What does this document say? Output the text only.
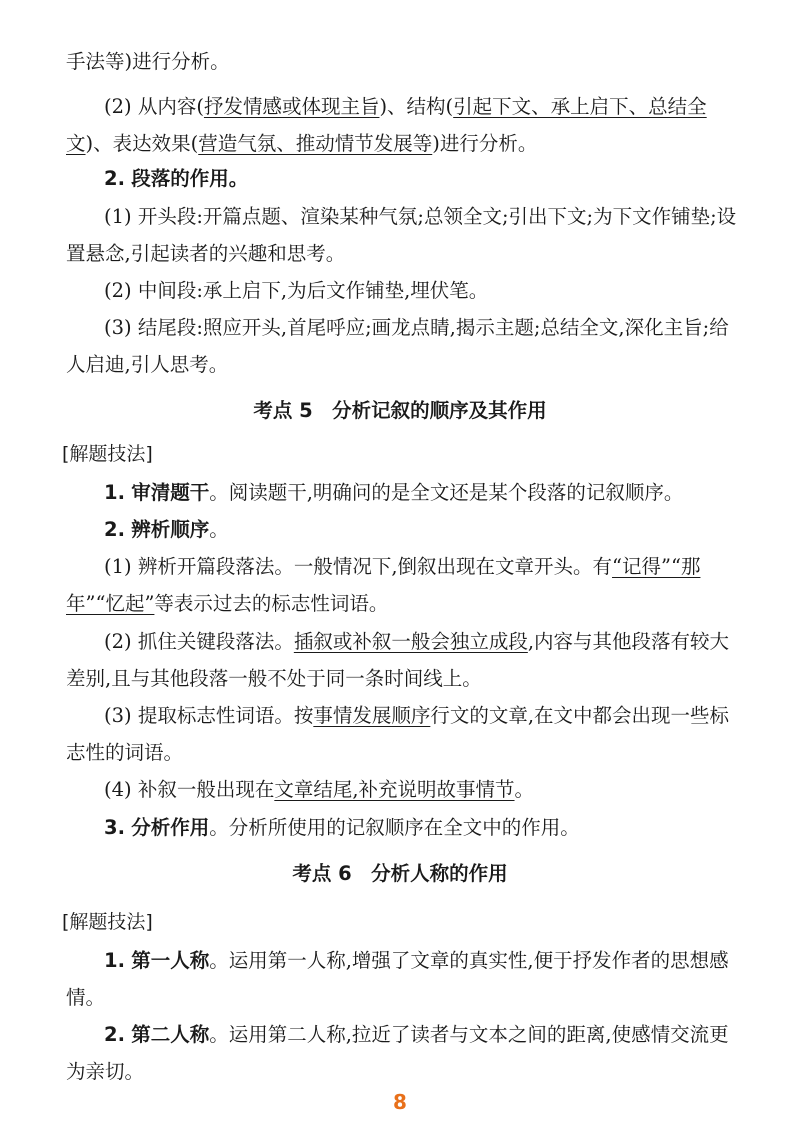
手法等)进行分析。

(2) 从内容(抒发情感或体现主旨)、结构(引起下文、承上启下、总结全文)、表达效果(营造气氛、推动情节发展等)进行分析。

2. 段落的作用。

(1) 开头段:开篇点题、渲染某种气氛;总领全文;引出下文;为下文作铺垫;设置悬念,引起读者的兴趣和思考。

(2) 中间段:承上启下,为后文作铺垫,埋伏笔。

(3) 结尾段:照应开头,首尾呼应;画龙点睛,揭示主题;总结全文,深化主旨;给人启迪,引人思考。

考点 5　分析记叙的顺序及其作用
[解题技法]

1. 审清题干。阅读题干,明确问的是全文还是某个段落的记叙顺序。

2. 辨析顺序。

(1) 辨析开篇段落法。一般情况下,倒叙出现在文章开头。有“记得”“那年”“忆起”等表示过去的标志性词语。

(2) 抓住关键段落法。插叙或补叙一般会独立成段,内容与其他段落有较大差别,且与其他段落一般不处于同一条时间线上。

(3) 提取标志性词语。按事情发展顺序行文的文章,在文中都会出现一些标志性的词语。

(4) 补叙一般出现在文章结尾,补充说明故事情节。

3. 分析作用。分析所使用的记叙顺序在全文中的作用。

考点 6　分析人称的作用
[解题技法]

1. 第一人称。运用第一人称,增强了文章的真实性,便于抒发作者的思想感情。

2. 第二人称。运用第二人称,拉近了读者与文本之间的距离,使感情交流更为亲切。

8
